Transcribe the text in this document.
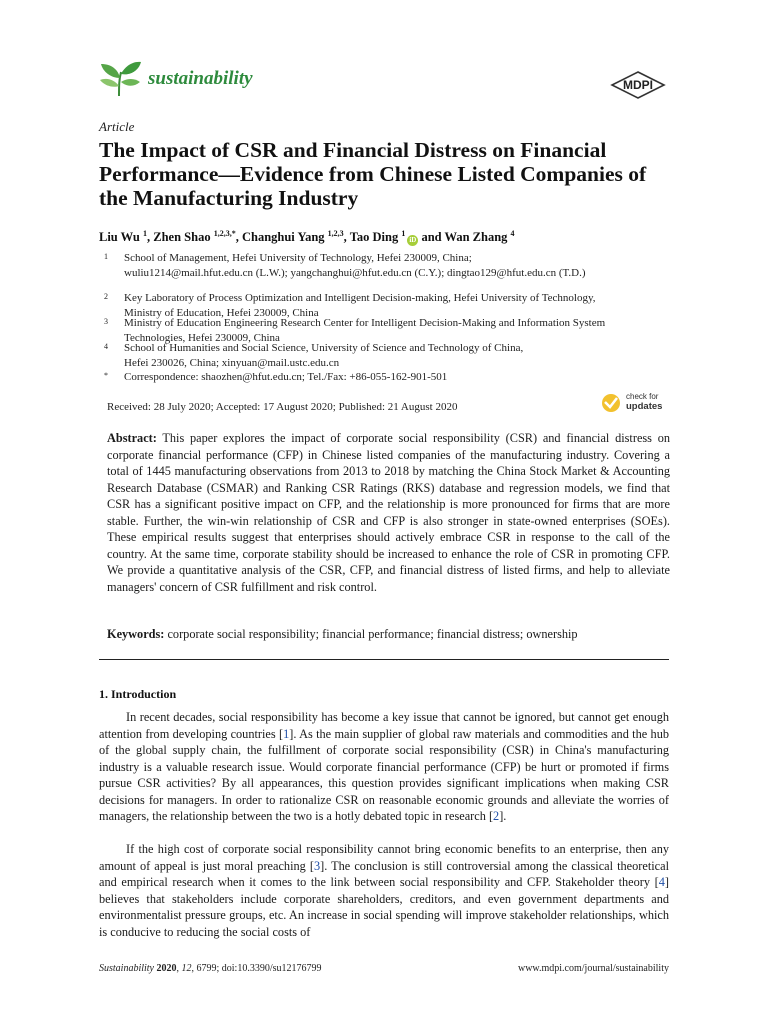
sustainability	MDPI
Article
The Impact of CSR and Financial Distress on Financial Performance—Evidence from Chinese Listed Companies of the Manufacturing Industry
Liu Wu $^1$, Zhen Shao $^{1,2,3,*}$, Changhui Yang $^{1,2,3}$, Tao Ding $^1$iD and Wan Zhang $^4$
1 School of Management, Hefei University of Technology, Hefei 230009, China;
wuliu1214@mail.hfut.edu.cn (L.W.); yangchanghui@hfut.edu.cn (C.Y.); dingtao129@hfut.edu.cn (T.D.)
2 Key Laboratory of Process Optimization and Intelligent Decision-making, Hefei University of Technology,
Ministry of Education, Hefei 230009, China
3 Ministry of Education Engineering Research Center for Intelligent Decision-Making and Information System
Technologies, Hefei 230009, China
4 School of Humanities and Social Science, University of Science and Technology of China,
Hefei 230026, China; xinyuan@mail.ustc.edu.cn
* Correspondence: shaozhen@hfut.edu.cn; Tel./Fax: +86-055-162-901-501
Received: 28 July 2020; Accepted: 17 August 2020; Published: 21 August 2020
check for
updates

Abstract: This paper explores the impact of corporate social responsibility (CSR) and financial distress on corporate financial performance (CFP) in Chinese listed companies of the manufacturing industry. Covering a total of 1445 manufacturing observations from 2013 to 2018 by matching the China Stock Market & Accounting Research Database (CSMAR) and Ranking CSR Ratings (RKS) database and regression models, we find that CSR has a significant positive impact on CFP, and the relationship is more pronounced for firms that are more stable. Further, the win-win relationship of CSR and CFP is also stronger in state-owned enterprises (SOEs). These empirical results suggest that enterprises should actively embrace CSR in response to the call of the country. At the same time, corporate stability should be increased to enhance the role of CSR in promoting CFP. We provide a quantitative analysis of the CSR, CFP, and financial distress of listed firms, and help to alleviate managers' concern of CSR fulfillment and risk control.

Keywords: corporate social responsibility; financial performance; financial distress; ownership
1. Introduction

In recent decades, social responsibility has become a key issue that cannot be ignored, but cannot get enough attention from developing countries [1]. As the main supplier of global raw materials and commodities and the hub of the global supply chain, the fulfillment of corporate social responsibility (CSR) in China's manufacturing industry is a valuable research issue. Would corporate financial performance (CFP) be hurt or promoted if firms pursue CSR activities? By all appearances, this question provides significant implications when making CSR decisions for managers. In order to rationalize CSR on reasonable economic grounds and alleviate the worries of managers, the relationship between the two is a hotly debated topic in research [2].

If the high cost of corporate social responsibility cannot bring economic benefits to an enterprise, then any amount of appeal is just moral preaching [3]. The conclusion is still controversial among the classical theoretical and empirical research when it comes to the link between social responsibility and CFP. Stakeholder theory [4] believes that stakeholders include corporate shareholders, creditors, and even government departments and environmentalist pressure groups, etc. An increase in social spending will improve stakeholder relationships, which is conducive to reducing the social costs of

Sustainability 2020, 12, 6799; doi:10.3390/su12176799	www.mdpi.com/journal/sustainability
